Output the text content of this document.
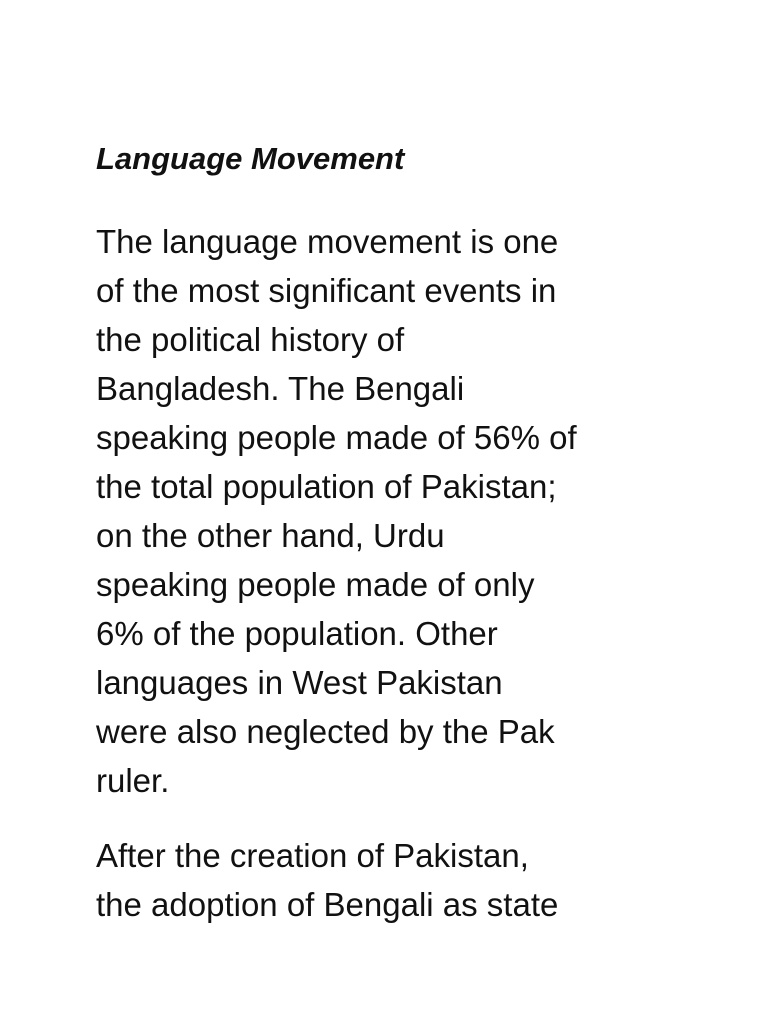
Language Movement

The language movement is one
of the most significant events in
the political history of
Bangladesh. The Bengali
speaking people made of 56% of
the total population of Pakistan;
on the other hand, Urdu
speaking people made of only
6% of the population. Other
languages in West Pakistan
were also neglected by the Pak
ruler.

After the creation of Pakistan,
the adoption of Bengali as state
